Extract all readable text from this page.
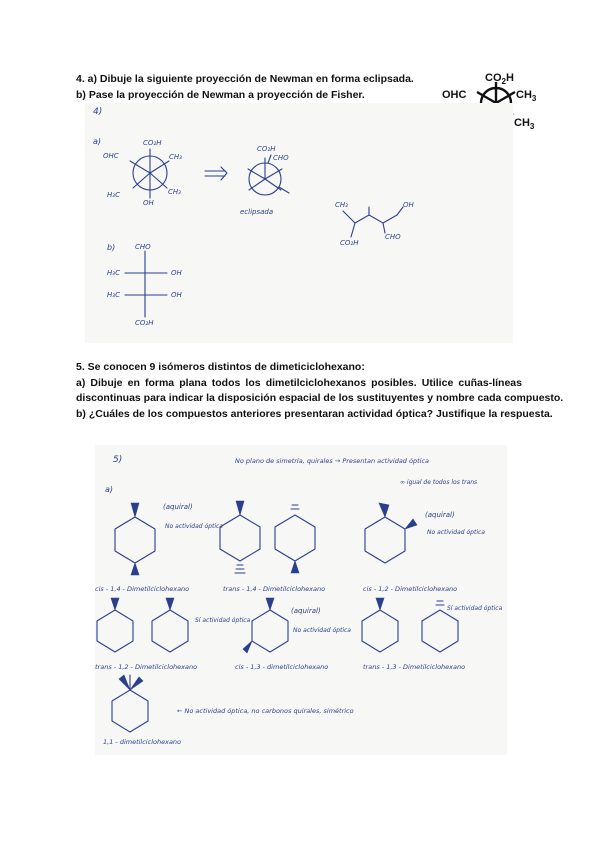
4. a) Dibuje la siguiente proyección de Newman en forma eclipsada.
b) Pase la proyección de Newman a proyección de Fisher.
$CO_2H$
OHC	$CH_3$
$CH_3$
4)
a)	CO₂H
OHC	CH₃
H₃C	CH₃
OH
CO₂H
CHO
eclipsada
CH₃	OH
CO₂H
CHO
b)	CHO
H₃C	OH
H₃C	OH
CO₂H
5. Se conocen 9 isómeros distintos de dimeticiclohexano:
a) Dibuje en forma plana todos los dimetilciclohexanos posibles. Utilice cuñas-líneas
discontinuas para indicar la disposición espacial de los sustituyentes y nombre cada compuesto.
b) ¿Cuáles de los compuestos anteriores presentaran actividad óptica? Justifique la respuesta.
5)	No plano de simetría, quirales → Presentan actividad óptica
∞ igual de todos los trans
a)
(aquiral)
No actividad óptica
(aquiral)
No actividad óptica
cis - 1,4 - Dimetilciclohexano	trans - 1,4 - Dimetilciclohexano	cis - 1,2 - Dimetilciclohexano
Sí actividad óptica
(aquiral)
No actividad óptica
Sí actividad óptica
trans - 1,2 - Dimetilciclohexano	cis - 1,3 - dimetilciclohexano	trans - 1,3 - Dimetilciclohexano
← No actividad óptica, no carbonos quirales, simétrico
1,1 - dimetilciclohexano
